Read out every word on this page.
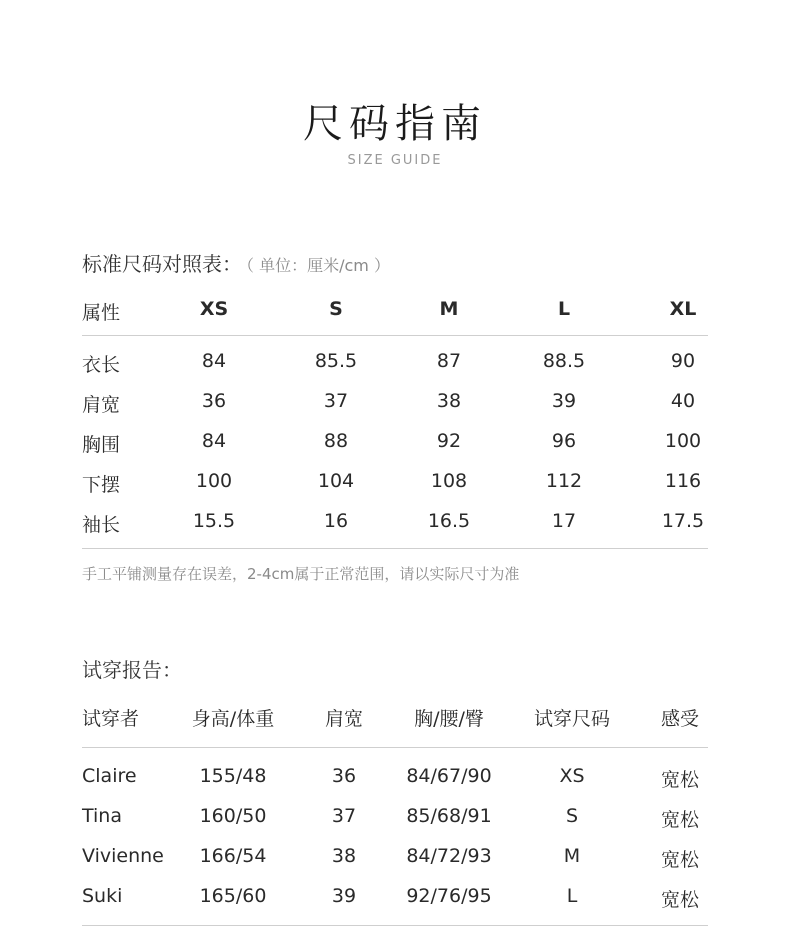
尺码指南
SIZE GUIDE
标准尺码对照表： （ 单位：厘米/cm ）
属性	XS	S	M	L	XL
衣长	84	85.5	87	88.5	90
肩宽	36	37	38	39	40
胸围	84	88	92	96	100
下摆	100	104	108	112	116
袖长	15.5	16	16.5	17	17.5
手工平铺测量存在误差，2-4cm属于正常范围，请以实际尺寸为准
试穿报告：
试穿者	身高/体重	肩宽	胸/腰/臀	试穿尺码	感受
Claire	155/48	36	84/67/90	XS	宽松
Tina	160/50	37	85/68/91	S	宽松
Vivienne	166/54	38	84/72/93	M	宽松
Suki	165/60	39	92/76/95	L	宽松
